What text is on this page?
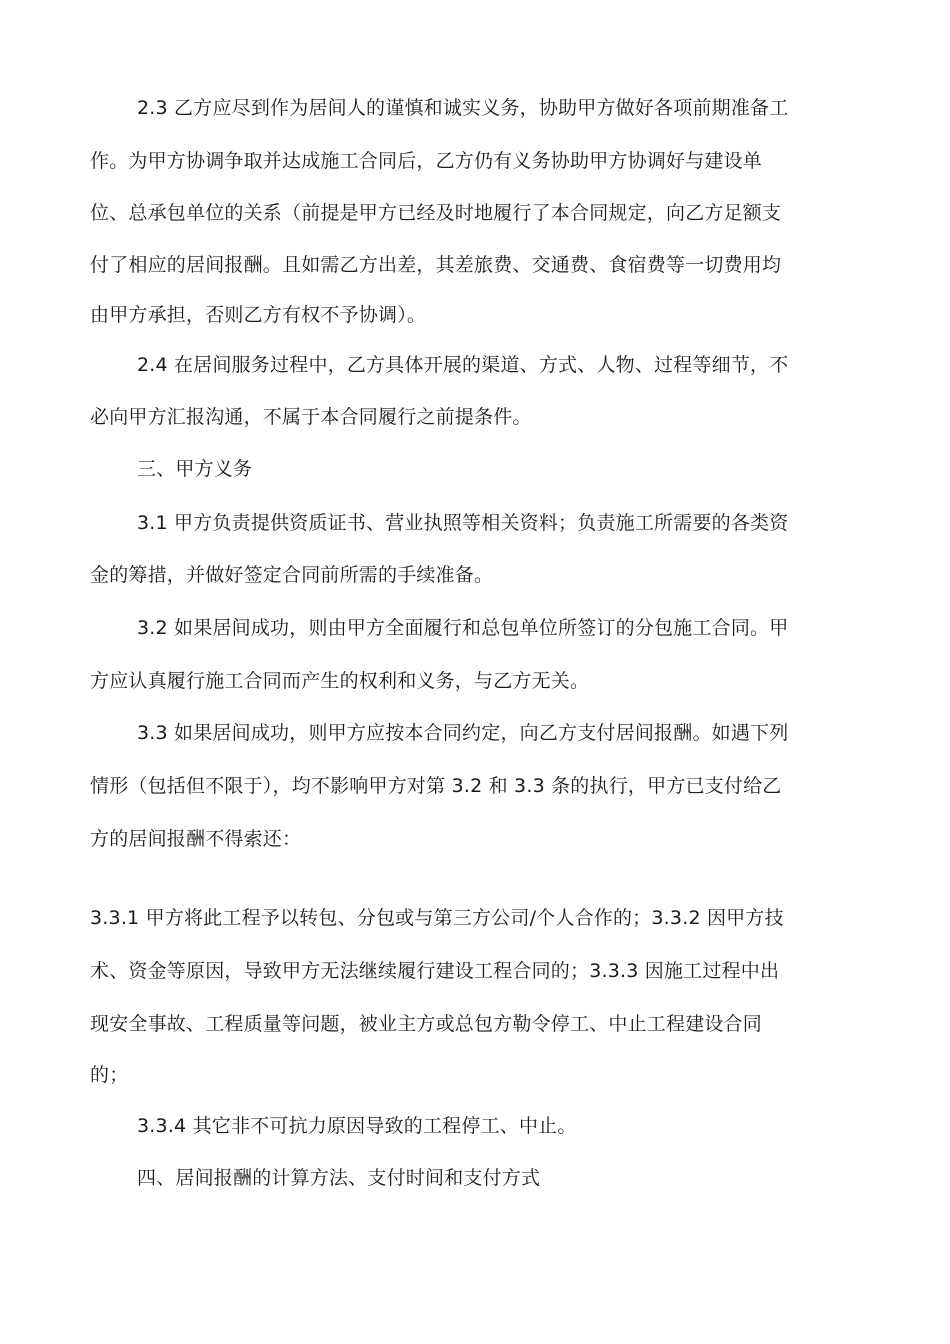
2.3 乙方应尽到作为居间人的谨慎和诚实义务，协助甲方做好各项前期准备工
作。为甲方协调争取并达成施工合同后，乙方仍有义务协助甲方协调好与建设单
位、总承包单位的关系（前提是甲方已经及时地履行了本合同规定，向乙方足额支
付了相应的居间报酬。且如需乙方出差，其差旅费、交通费、食宿费等一切费用均
由甲方承担，否则乙方有权不予协调）。
2.4 在居间服务过程中，乙方具体开展的渠道、方式、人物、过程等细节，不
必向甲方汇报沟通，不属于本合同履行之前提条件。
三、甲方义务
3.1 甲方负责提供资质证书、营业执照等相关资料；负责施工所需要的各类资
金的筹措，并做好签定合同前所需的手续准备。
3.2 如果居间成功，则由甲方全面履行和总包单位所签订的分包施工合同。甲
方应认真履行施工合同而产生的权利和义务，与乙方无关。
3.3 如果居间成功，则甲方应按本合同约定，向乙方支付居间报酬。如遇下列
情形（包括但不限于），均不影响甲方对第 3.2 和 3.3 条的执行，甲方已支付给乙
方的居间报酬不得索还：
3.3.1 甲方将此工程予以转包、分包或与第三方公司/个人合作的；3.3.2 因甲方技
术、资金等原因，导致甲方无法继续履行建设工程合同的；3.3.3 因施工过程中出
现安全事故、工程质量等问题，被业主方或总包方勒令停工、中止工程建设合同
的；
3.3.4 其它非不可抗力原因导致的工程停工、中止。
四、居间报酬的计算方法、支付时间和支付方式
